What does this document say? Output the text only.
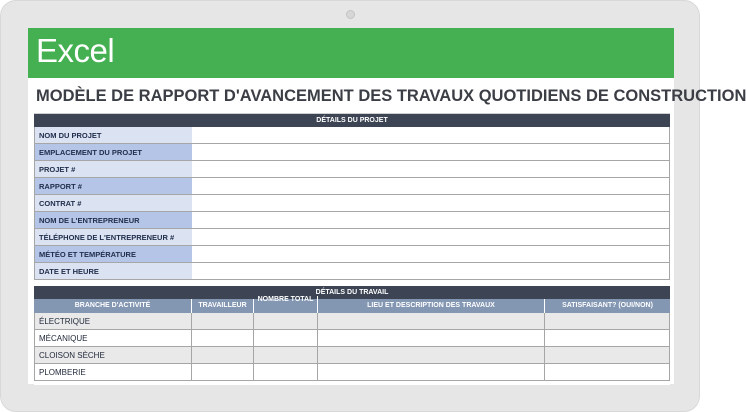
Excel
MODÈLE DE RAPPORT D'AVANCEMENT DES TRAVAUX QUOTIDIENS DE CONSTRUCTION
DÉTAILS DU PROJET
NOM DU PROJET
EMPLACEMENT DU PROJET
PROJET #
RAPPORT #
CONTRAT #
NOM DE L'ENTREPRENEUR
TÉLÉPHONE DE L'ENTREPRENEUR #
MÉTÉO ET TEMPÉRATURE
DATE ET HEURE
DÉTAILS DU TRAVAIL
BRANCHE D'ACTIVITÉ	TRAVAILLEUR
NOMBRE TOTAL
LIEU ET DESCRIPTION DES TRAVAUX	SATISFAISANT? (OUI/NON)
ÉLECTRIQUE
MÉCANIQUE
CLOISON SÈCHE
PLOMBERIE
